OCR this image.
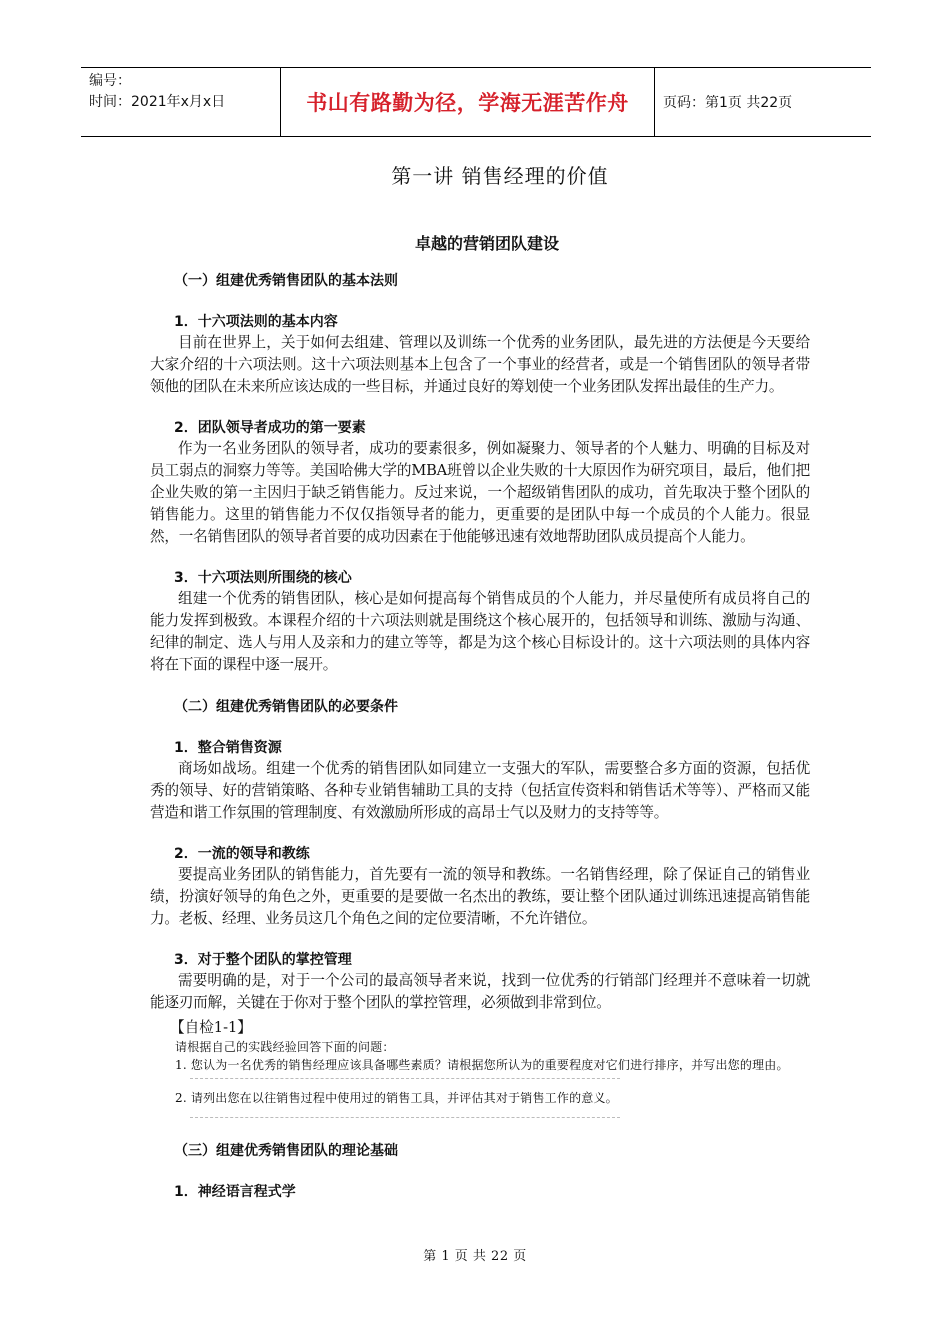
编号：
时间：2021年x月x日	书山有路勤为径，学海无涯苦作舟	页码：第1页 共22页
第一讲 销售经理的价值
卓越的营销团队建设
（一）组建优秀销售团队的基本法则
1．十六项法则的基本内容
目前在世界上，关于如何去组建、管理以及训练一个优秀的业务团队，最先进的方法便是今天要给大家介绍的十六项法则。这十六项法则基本上包含了一个事业的经营者，或是一个销售团队的领导者带领他的团队在未来所应该达成的一些目标，并通过良好的筹划使一个业务团队发挥出最佳的生产力。
2．团队领导者成功的第一要素
作为一名业务团队的领导者，成功的要素很多，例如凝聚力、领导者的个人魅力、明确的目标及对员工弱点的洞察力等等。美国哈佛大学的MBA班曾以企业失败的十大原因作为研究项目，最后，他们把企业失败的第一主因归于缺乏销售能力。反过来说，一个超级销售团队的成功，首先取决于整个团队的销售能力。这里的销售能力不仅仅指领导者的能力，更重要的是团队中每一个成员的个人能力。很显然，一名销售团队的领导者首要的成功因素在于他能够迅速有效地帮助团队成员提高个人能力。
3．十六项法则所围绕的核心
组建一个优秀的销售团队，核心是如何提高每个销售成员的个人能力，并尽量使所有成员将自己的能力发挥到极致。本课程介绍的十六项法则就是围绕这个核心展开的，包括领导和训练、激励与沟通、纪律的制定、选人与用人及亲和力的建立等等，都是为这个核心目标设计的。这十六项法则的具体内容将在下面的课程中逐一展开。
（二）组建优秀销售团队的必要条件
1．整合销售资源
商场如战场。组建一个优秀的销售团队如同建立一支强大的军队，需要整合多方面的资源，包括优秀的领导、好的营销策略、各种专业销售辅助工具的支持（包括宣传资料和销售话术等等）、严格而又能营造和谐工作氛围的管理制度、有效激励所形成的高昂士气以及财力的支持等等。
2．一流的领导和教练
要提高业务团队的销售能力，首先要有一流的领导和教练。一名销售经理，除了保证自己的销售业绩，扮演好领导的角色之外，更重要的是要做一名杰出的教练，要让整个团队通过训练迅速提高销售能力。老板、经理、业务员这几个角色之间的定位要清晰，不允许错位。
3．对于整个团队的掌控管理
需要明确的是，对于一个公司的最高领导者来说，找到一位优秀的行销部门经理并不意味着一切就能逐刃而解，关键在于你对于整个团队的掌控管理，必须做到非常到位。
【自检1-1】
请根据自己的实践经验回答下面的问题：
1. 您认为一名优秀的销售经理应该具备哪些素质？请根据您所认为的重要程度对它们进行排序，并写出您的理由。
2. 请列出您在以往销售过程中使用过的销售工具，并评估其对于销售工作的意义。
（三）组建优秀销售团队的理论基础
1．神经语言程式学
第 1 页 共 22 页
